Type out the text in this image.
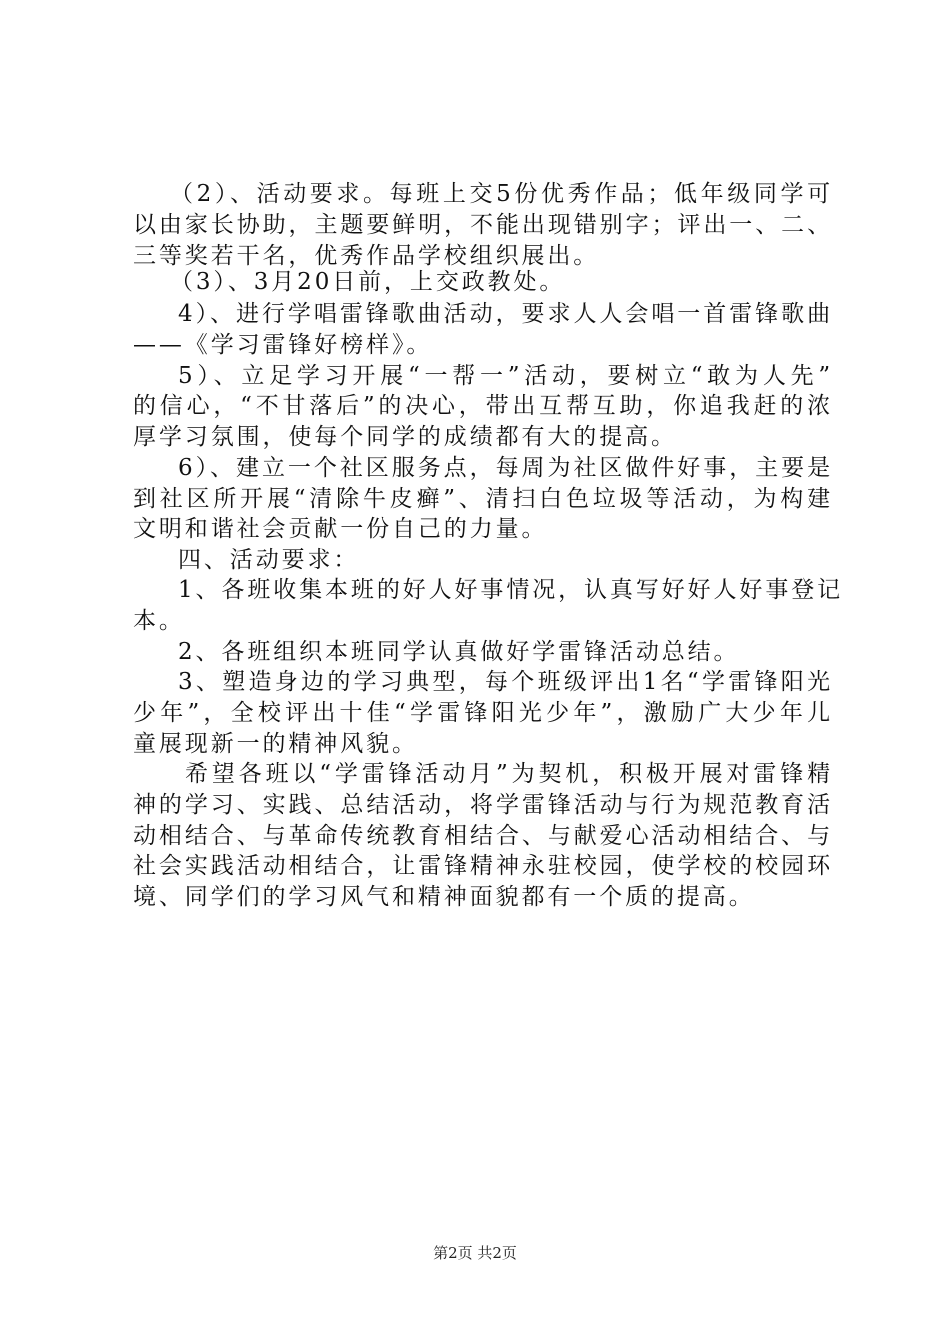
（2）、活动要求。每班上交5份优秀作品；低年级同学可
以由家长协助，主题要鲜明，不能出现错别字；评出一、二、
三等奖若干名，优秀作品学校组织展出。
（3）、3月20日前，上交政教处。
4）、进行学唱雷锋歌曲活动，要求人人会唱一首雷锋歌曲
——《学习雷锋好榜样》。
5）、立足学习开展“一帮一”活动，要树立“敢为人先”
的信心，“不甘落后”的决心，带出互帮互助，你追我赶的浓
厚学习氛围，使每个同学的成绩都有大的提高。
6）、建立一个社区服务点，每周为社区做件好事，主要是
到社区所开展“清除牛皮癣”、清扫白色垃圾等活动，为构建
文明和谐社会贡献一份自己的力量。
四、活动要求：
1、各班收集本班的好人好事情况，认真写好好人好事登记
本。
2、各班组织本班同学认真做好学雷锋活动总结。
3、塑造身边的学习典型，每个班级评出1名“学雷锋阳光
少年”，全校评出十佳“学雷锋阳光少年”，激励广大少年儿
童展现新一的精神风貌。
希望各班以“学雷锋活动月”为契机，积极开展对雷锋精
神的学习、实践、总结活动，将学雷锋活动与行为规范教育活
动相结合、与革命传统教育相结合、与献爱心活动相结合、与
社会实践活动相结合，让雷锋精神永驻校园，使学校的校园环
境、同学们的学习风气和精神面貌都有一个质的提高。
第2页 共2页
